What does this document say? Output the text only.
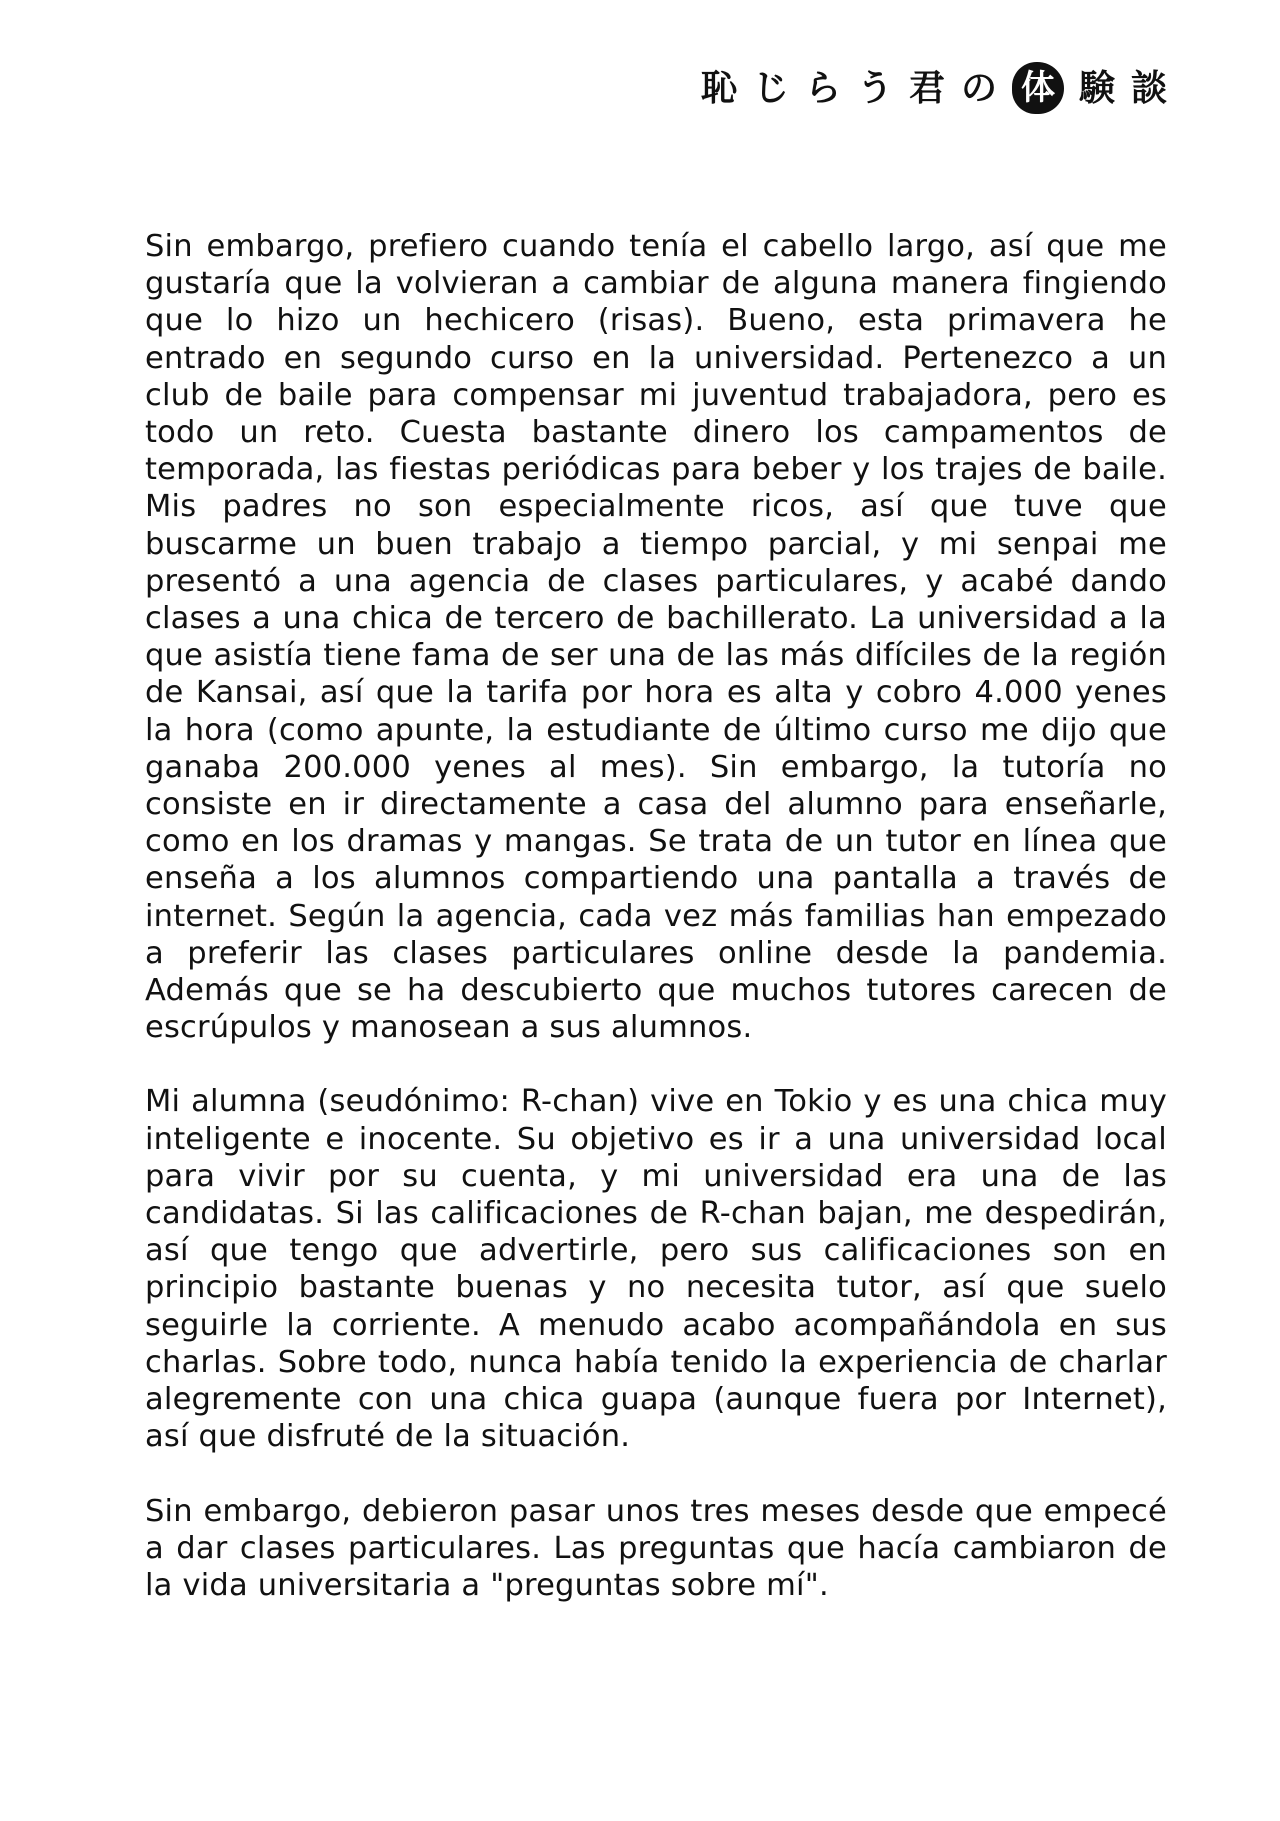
恥 じ ら う 君 の 体 験 談

Sin embargo, prefiero cuando tenía el cabello largo, así que me gustaría que la volvieran a cambiar de alguna manera fingiendo que lo hizo un hechicero (risas). Bueno, esta primavera he entrado en segundo curso en la universidad. Pertenezco a un club de baile para compensar mi juventud trabajadora, pero es todo un reto. Cuesta bastante dinero los campamentos de temporada, las fiestas periódicas para beber y los trajes de baile. Mis padres no son especialmente ricos, así que tuve que buscarme un buen trabajo a tiempo parcial, y mi senpai me presentó a una agencia de clases particulares, y acabé dando clases a una chica de tercero de bachillerato. La universidad a la que asistía tiene fama de ser una de las más difíciles de la región de Kansai, así que la tarifa por hora es alta y cobro 4.000 yenes la hora (como apunte, la estudiante de último curso me dijo que ganaba 200.000 yenes al mes). Sin embargo, la tutoría no consiste en ir directamente a casa del alumno para enseñarle, como en los dramas y mangas. Se trata de un tutor en línea que enseña a los alumnos compartiendo una pantalla a través de internet. Según la agencia, cada vez más familias han empezado a preferir las clases particulares online desde la pandemia. Además que se ha descubierto que muchos tutores carecen de escrúpulos y manosean a sus alumnos.

Mi alumna (seudónimo: R-chan) vive en Tokio y es una chica muy inteligente e inocente. Su objetivo es ir a una universidad local para vivir por su cuenta, y mi universidad era una de las candidatas. Si las calificaciones de R-chan bajan, me despedirán, así que tengo que advertirle, pero sus calificaciones son en principio bastante buenas y no necesita tutor, así que suelo seguirle la corriente. A menudo acabo acompañándola en sus charlas. Sobre todo, nunca había tenido la experiencia de charlar alegremente con una chica guapa (aunque fuera por Internet), así que disfruté de la situación.

Sin embargo, debieron pasar unos tres meses desde que empecé a dar clases particulares. Las preguntas que hacía cambiaron de la vida universitaria a "preguntas sobre mí".
